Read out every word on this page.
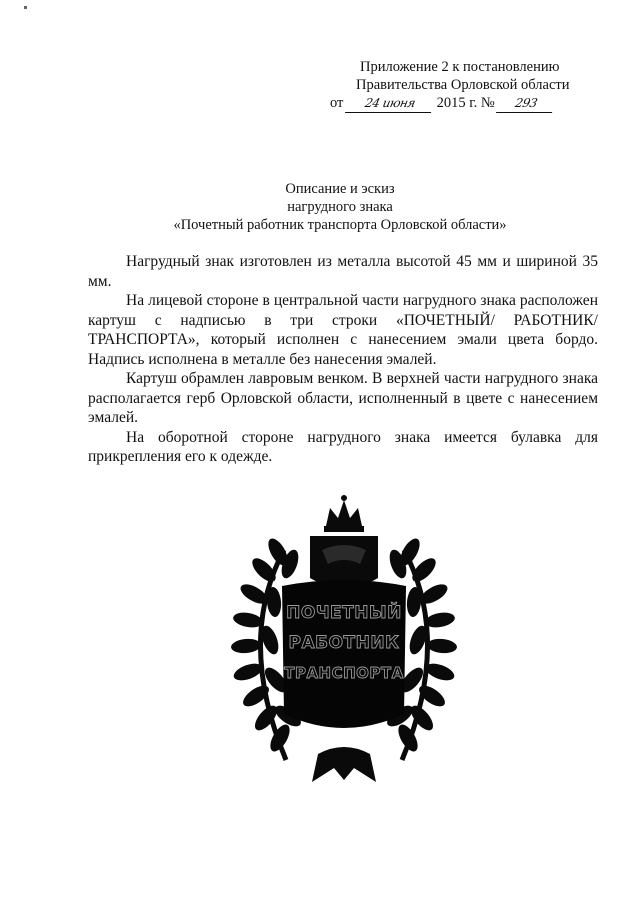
Приложение 2 к постановлению
Правительства Орловской области
от 24 июня 2015 г. № 293
Описание и эскиз
нагрудного знака
«Почетный работник транспорта Орловской области»

Нагрудный знак изготовлен из металла высотой 45 мм и шириной 35 мм.

На лицевой стороне в центральной части нагрудного знака расположен картуш с надписью в три строки «ПОЧЕТНЫЙ/ РАБОТНИК/ ТРАНСПОРТА», который исполнен с нанесением эмали цвета бордо. Надпись исполнена в металле без нанесения эмалей.

Картуш обрамлен лавровым венком. В верхней части нагрудного знака располагается герб Орловской области, исполненный в цвете с нанесением эмалей.

На оборотной стороне нагрудного знака имеется булавка для прикрепления его к одежде.

ПОЧЕТНЫЙ
РАБОТНИК
ТРАНСПОРТА
